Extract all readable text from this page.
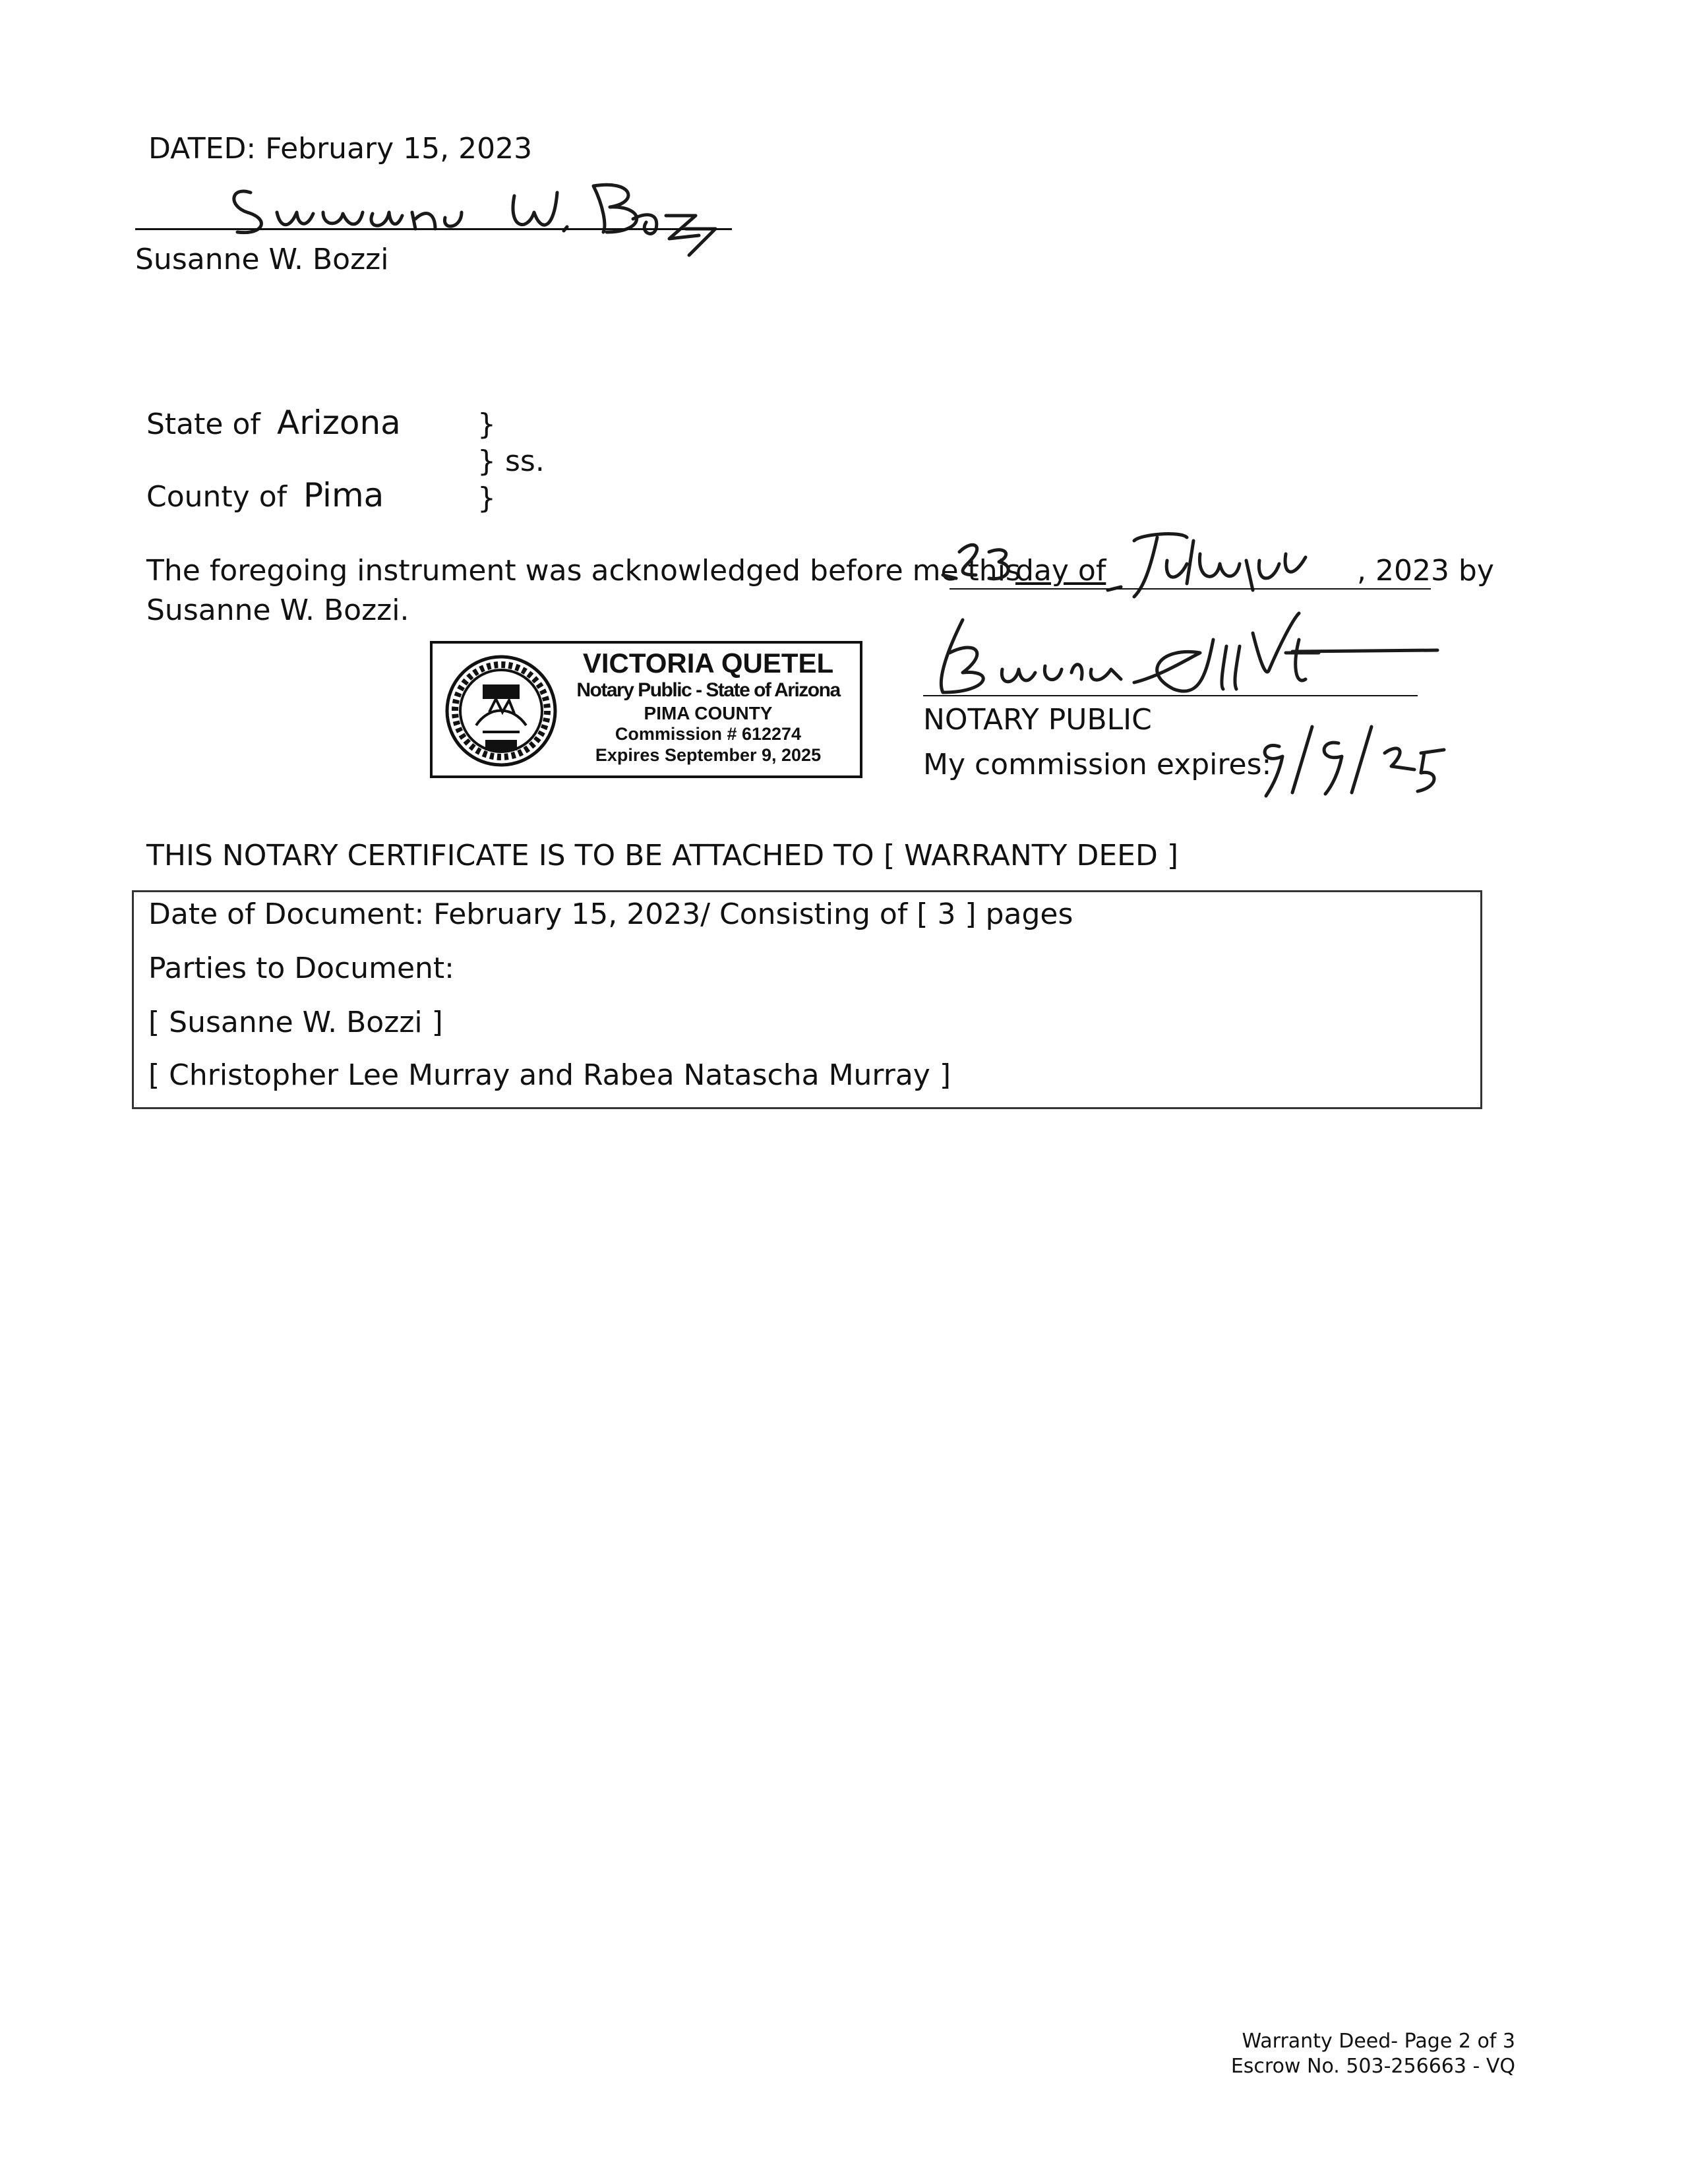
DATED: February 15, 2023
Susanne W. Bozzi
State of Arizona
County of Pima
}
} ss.
}
The foregoing instrument was acknowledged before me this
day of	, 2023 by
Susanne W. Bozzi.
VICTORIA QUETEL
Notary Public - State of Arizona
PIMA COUNTY
Commission # 612274
Expires September 9, 2025
NOTARY PUBLIC
My commission expires:
THIS NOTARY CERTIFICATE IS TO BE ATTACHED TO [ WARRANTY DEED ]
Date of Document: February 15, 2023/ Consisting of [ 3 ] pages
Parties to Document:
[ Susanne W. Bozzi ]
[ Christopher Lee Murray and Rabea Natascha Murray ]
Warranty Deed- Page 2 of 3
Escrow No. 503-256663 - VQ
